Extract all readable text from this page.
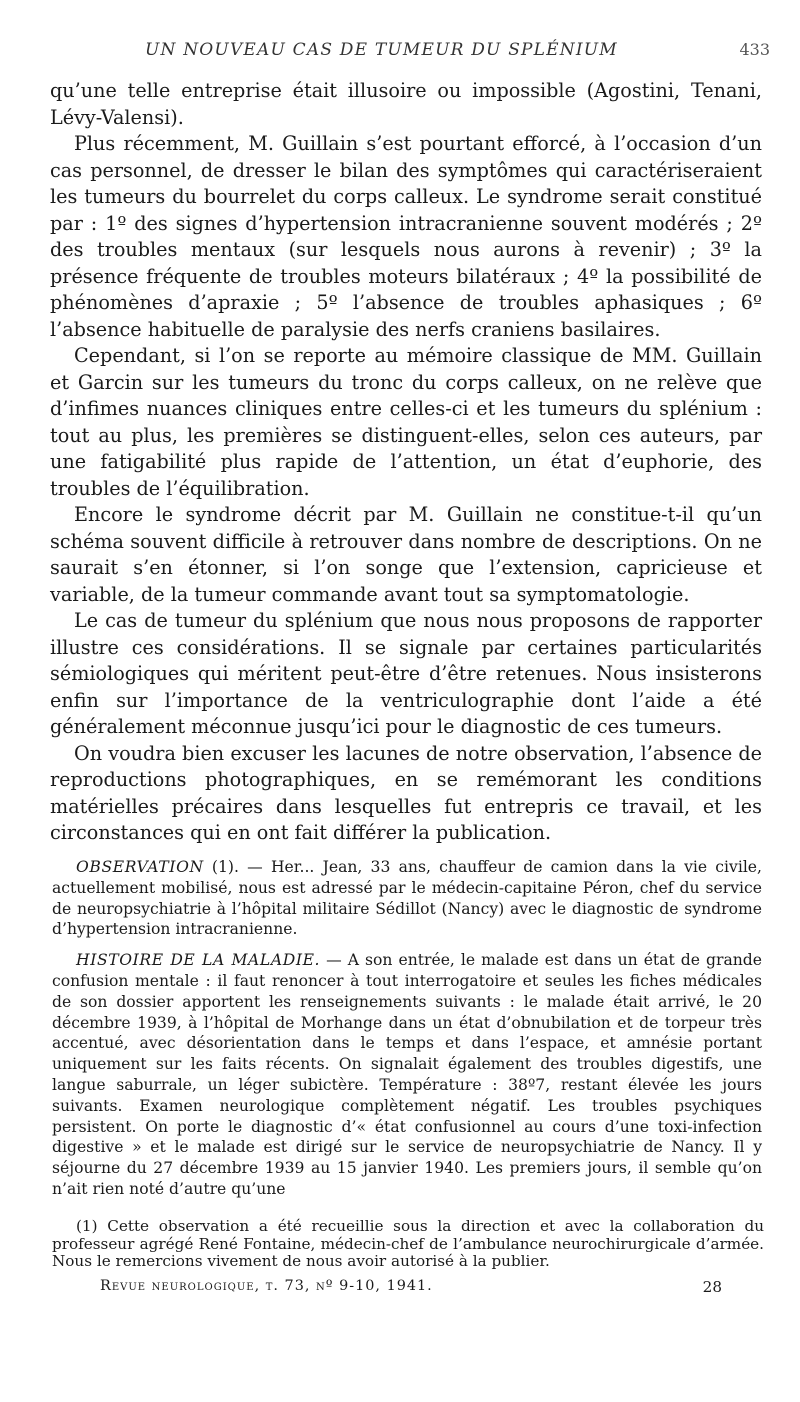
UN NOUVEAU CAS DE TUMEUR DU SPLÉNIUM	433

qu’une telle entreprise était illusoire ou impossible (Agostini, Tenani, Lévy-Valensi).

Plus récemment, M. Guillain s’est pourtant efforcé, à l’occasion d’un cas personnel, de dresser le bilan des symptômes qui caractériseraient les tumeurs du bourrelet du corps calleux. Le syndrome serait constitué par : 1º des signes d’hypertension intracranienne souvent modérés ; 2º des troubles mentaux (sur lesquels nous aurons à revenir) ; 3º la présence fréquente de troubles moteurs bilatéraux ; 4º la possibilité de phénomènes d’apraxie ; 5º l’absence de troubles aphasiques ; 6º l’absence habituelle de paralysie des nerfs craniens basilaires.

Cependant, si l’on se reporte au mémoire classique de MM. Guillain et Garcin sur les tumeurs du tronc du corps calleux, on ne relève que d’infimes nuances cliniques entre celles-ci et les tumeurs du splénium : tout au plus, les premières se distinguent-elles, selon ces auteurs, par une fatigabilité plus rapide de l’attention, un état d’euphorie, des troubles de l’équilibration.

Encore le syndrome décrit par M. Guillain ne constitue-t-il qu’un schéma souvent difficile à retrouver dans nombre de descriptions. On ne saurait s’en étonner, si l’on songe que l’extension, capricieuse et variable, de la tumeur commande avant tout sa symptomatologie.

Le cas de tumeur du splénium que nous nous proposons de rapporter illustre ces considérations. Il se signale par certaines particularités sémiologiques qui méritent peut-être d’être retenues. Nous insisterons enfin sur l’importance de la ventriculographie dont l’aide a été généralement méconnue jusqu’ici pour le diagnostic de ces tumeurs.

On voudra bien excuser les lacunes de notre observation, l’absence de reproductions photographiques, en se remémorant les conditions matérielles précaires dans lesquelles fut entrepris ce travail, et les circonstances qui en ont fait différer la publication.

OBSERVATION (1). — Her... Jean, 33 ans, chauffeur de camion dans la vie civile, actuellement mobilisé, nous est adressé par le médecin-capitaine Péron, chef du service de neuropsychiatrie à l’hôpital militaire Sédillot (Nancy) avec le diagnostic de syndrome d’hypertension intracranienne.

HISTOIRE DE LA MALADIE. — A son entrée, le malade est dans un état de grande confusion mentale : il faut renoncer à tout interrogatoire et seules les fiches médicales de son dossier apportent les renseignements suivants : le malade était arrivé, le 20 décembre 1939, à l’hôpital de Morhange dans un état d’obnubilation et de torpeur très accentué, avec désorientation dans le temps et dans l’espace, et amnésie portant uniquement sur les faits récents. On signalait également des troubles digestifs, une langue saburrale, un léger subictère. Température : 38º7, restant élevée les jours suivants. Examen neurologique complètement négatif. Les troubles psychiques persistent. On porte le diagnostic d’« état confusionnel au cours d’une toxi-infection digestive » et le malade est dirigé sur le service de neuropsychiatrie de Nancy. Il y séjourne du 27 décembre 1939 au 15 janvier 1940. Les premiers jours, il semble qu’on n’ait rien noté d’autre qu’une

(1) Cette observation a été recueillie sous la direction et avec la collaboration du professeur agrégé René Fontaine, médecin-chef de l’ambulance neurochirurgicale d’armée. Nous le remercions vivement de nous avoir autorisé à la publier.

Revue neurologique, t. 73, nº 9-10, 1941.	28
